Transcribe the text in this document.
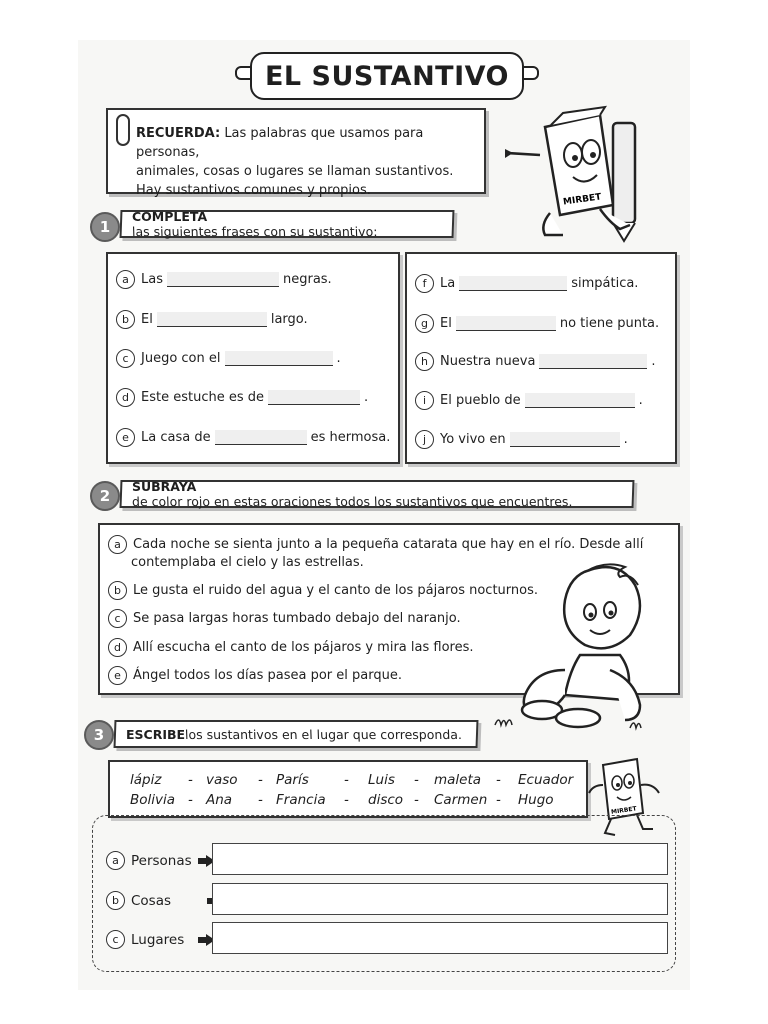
EL SUSTANTIVO

RECUERDA: Las palabras que usamos para personas,

animales, cosas o lugares se llaman sustantivos.

Hay sustantivos comunes y propios.

MIRBET
1
COMPLETAlas siguientes frases con su sustantivo:
a Las	negras.
b El	largo.
c Juego con el	.
d Este estuche es de	.
e La casa de	es hermosa.
f	La	simpática.
g El	no tiene punta.
h Nuestra nueva	.
i	El pueblo de	.
j	Yo vivo en	.
2
SUBRAYAde color rojo en estas oraciones todos los sustantivos que encuentres.
a Cada noche se sienta junto a la pequeña catarata que hay en el río. Desde allí
contemplaba el cielo y las estrellas.
b Le gusta el ruido del agua y el canto de los pájaros nocturnos.
c Se pasa largas horas tumbado debajo del naranjo.
d Allí escucha el canto de los pájaros y mira las flores.
e Ángel todos los días pasea por el parque.
3	ESCRIBElos sustantivos en el lugar que corresponda.
lápiz - vaso - París	- Luis - maleta - Ecuador
Bolivia - Ana - Francia - disco - Carmen - Hugo
MIRBET
a Personas
b Cosas
c Lugares
